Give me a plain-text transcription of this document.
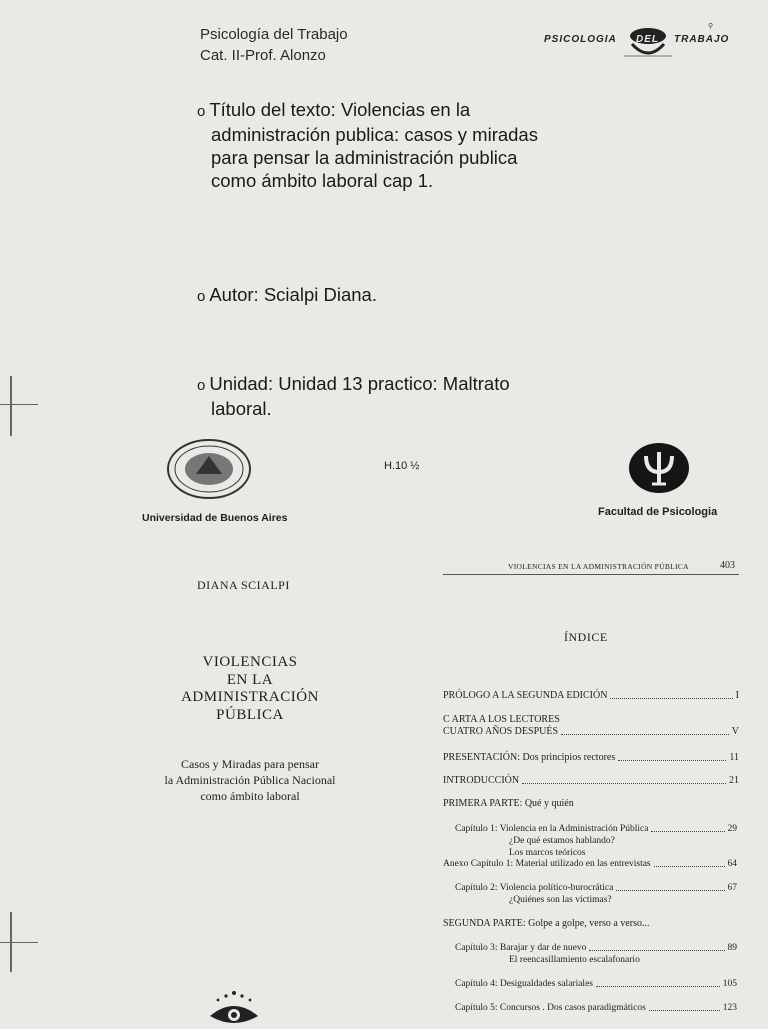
Psicología del Trabajo
Cat. II-Prof. Alonzo
⚲
PSICOLOGIA DEL TRABAJO
o Título del texto: Violencias en la
administración publica: casos y miradas
para pensar la administración publica
como ámbito laboral cap 1.
o Autor: Scialpi Diana.
o Unidad: Unidad 13 practico: Maltrato
laboral.
Universidad de Buenos Aires
H.10 ½
Facultad de Psicologia
DIANA SCIALPI
VIOLENCIAS
EN LA
ADMINISTRACIÓN
PÚBLICA
Casos y Miradas para pensar
la Administración Pública Nacional
como ámbito laboral
VIOLENCIAS EN LA ADMINISTRACIÓN PÚBLICA	403
ÍNDICE
PRÓLOGO A LA SEGUNDA EDICIÓN	I
C ARTA A LOS LECTORES
CUATRO AÑOS DESPUÉS	V
PRESENTACIÓN: Dos principios rectores	11
INTRODUCCIÓN	21
PRIMERA PARTE: Qué y quién
Capítulo 1: Violencia en la Administración Pública	29
¿De qué estamos hablando?
Los marcos teóricos
Anexo Capítulo 1: Material utilizado en las entrevistas	64
Capítulo 2: Violencia político-burocrática	67
¿Quiénes son las víctimas?
SEGUNDA PARTE: Golpe a golpe, verso a verso...
Capítulo 3: Barajar y dar de nuevo	89
El reencasillamiento escalafonario
Capítulo 4: Desigualdades salariales	105
Capítulo 5: Concursos . Dos casos paradigmáticos	123
